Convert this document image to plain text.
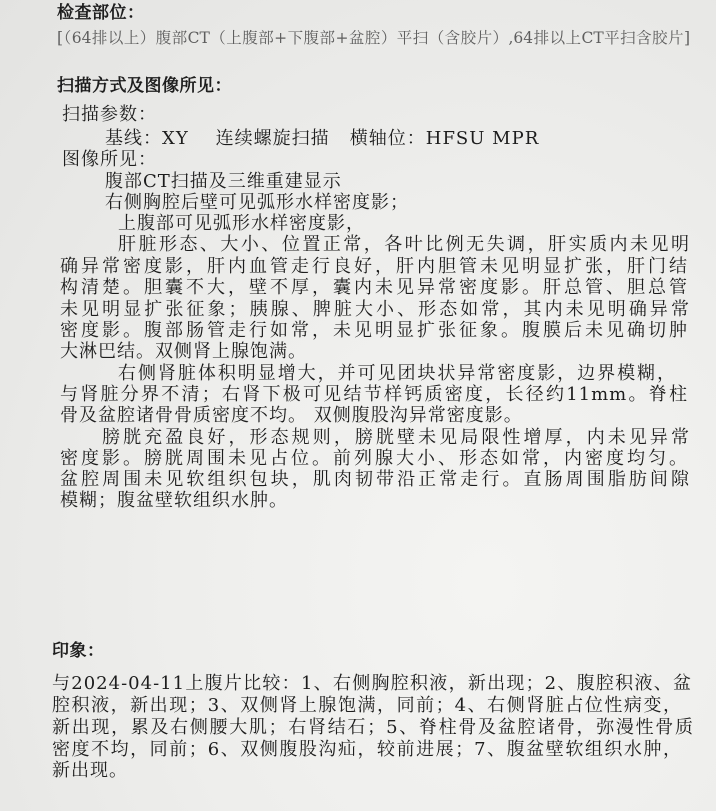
检查部位：
[（64排以上）腹部CT（上腹部+下腹部+盆腔）平扫（含胶片）,64排以上CT平扫含胶片]
扫描方式及图像所见：
扫描参数：
基线：XY    连续螺旋扫描   横轴位：HFSU MPR
图像所见：
腹部CT扫描及三维重建显示
右侧胸腔后壁可见弧形水样密度影；
上腹部可见弧形水样密度影，
肝脏形态、大小、位置正常，各叶比例无失调，肝实质内未见明
确异常密度影，肝内血管走行良好，肝内胆管未见明显扩张，肝门结
构清楚。胆囊不大，壁不厚，囊内未见异常密度影。肝总管、胆总管
未见明显扩张征象；胰腺、脾脏大小、形态如常，其内未见明确异常
密度影。腹部肠管走行如常，未见明显扩张征象。腹膜后未见确切肿
大淋巴结。双侧肾上腺饱满。
右侧肾脏体积明显增大，并可见团块状异常密度影，边界模糊，
与肾脏分界不清；右肾下极可见结节样钙质密度，长径约11mm。脊柱
骨及盆腔诸骨骨质密度不均。 双侧腹股沟异常密度影。
膀胱充盈良好，形态规则，膀胱壁未见局限性增厚，内未见异常
密度影。膀胱周围未见占位。前列腺大小、形态如常，内密度均匀。
盆腔周围未见软组织包块，肌肉韧带沿正常走行。直肠周围脂肪间隙
模糊；腹盆壁软组织水肿。
印象：
与2024-04-11上腹片比较：1、右侧胸腔积液，新出现；2、腹腔积液、盆
腔积液，新出现；3、双侧肾上腺饱满，同前；4、右侧肾脏占位性病变，
新出现，累及右侧腰大肌；右肾结石；5、脊柱骨及盆腔诸骨，弥漫性骨质
密度不均，同前；6、双侧腹股沟疝，较前进展；7、腹盆壁软组织水肿，
新出现。
